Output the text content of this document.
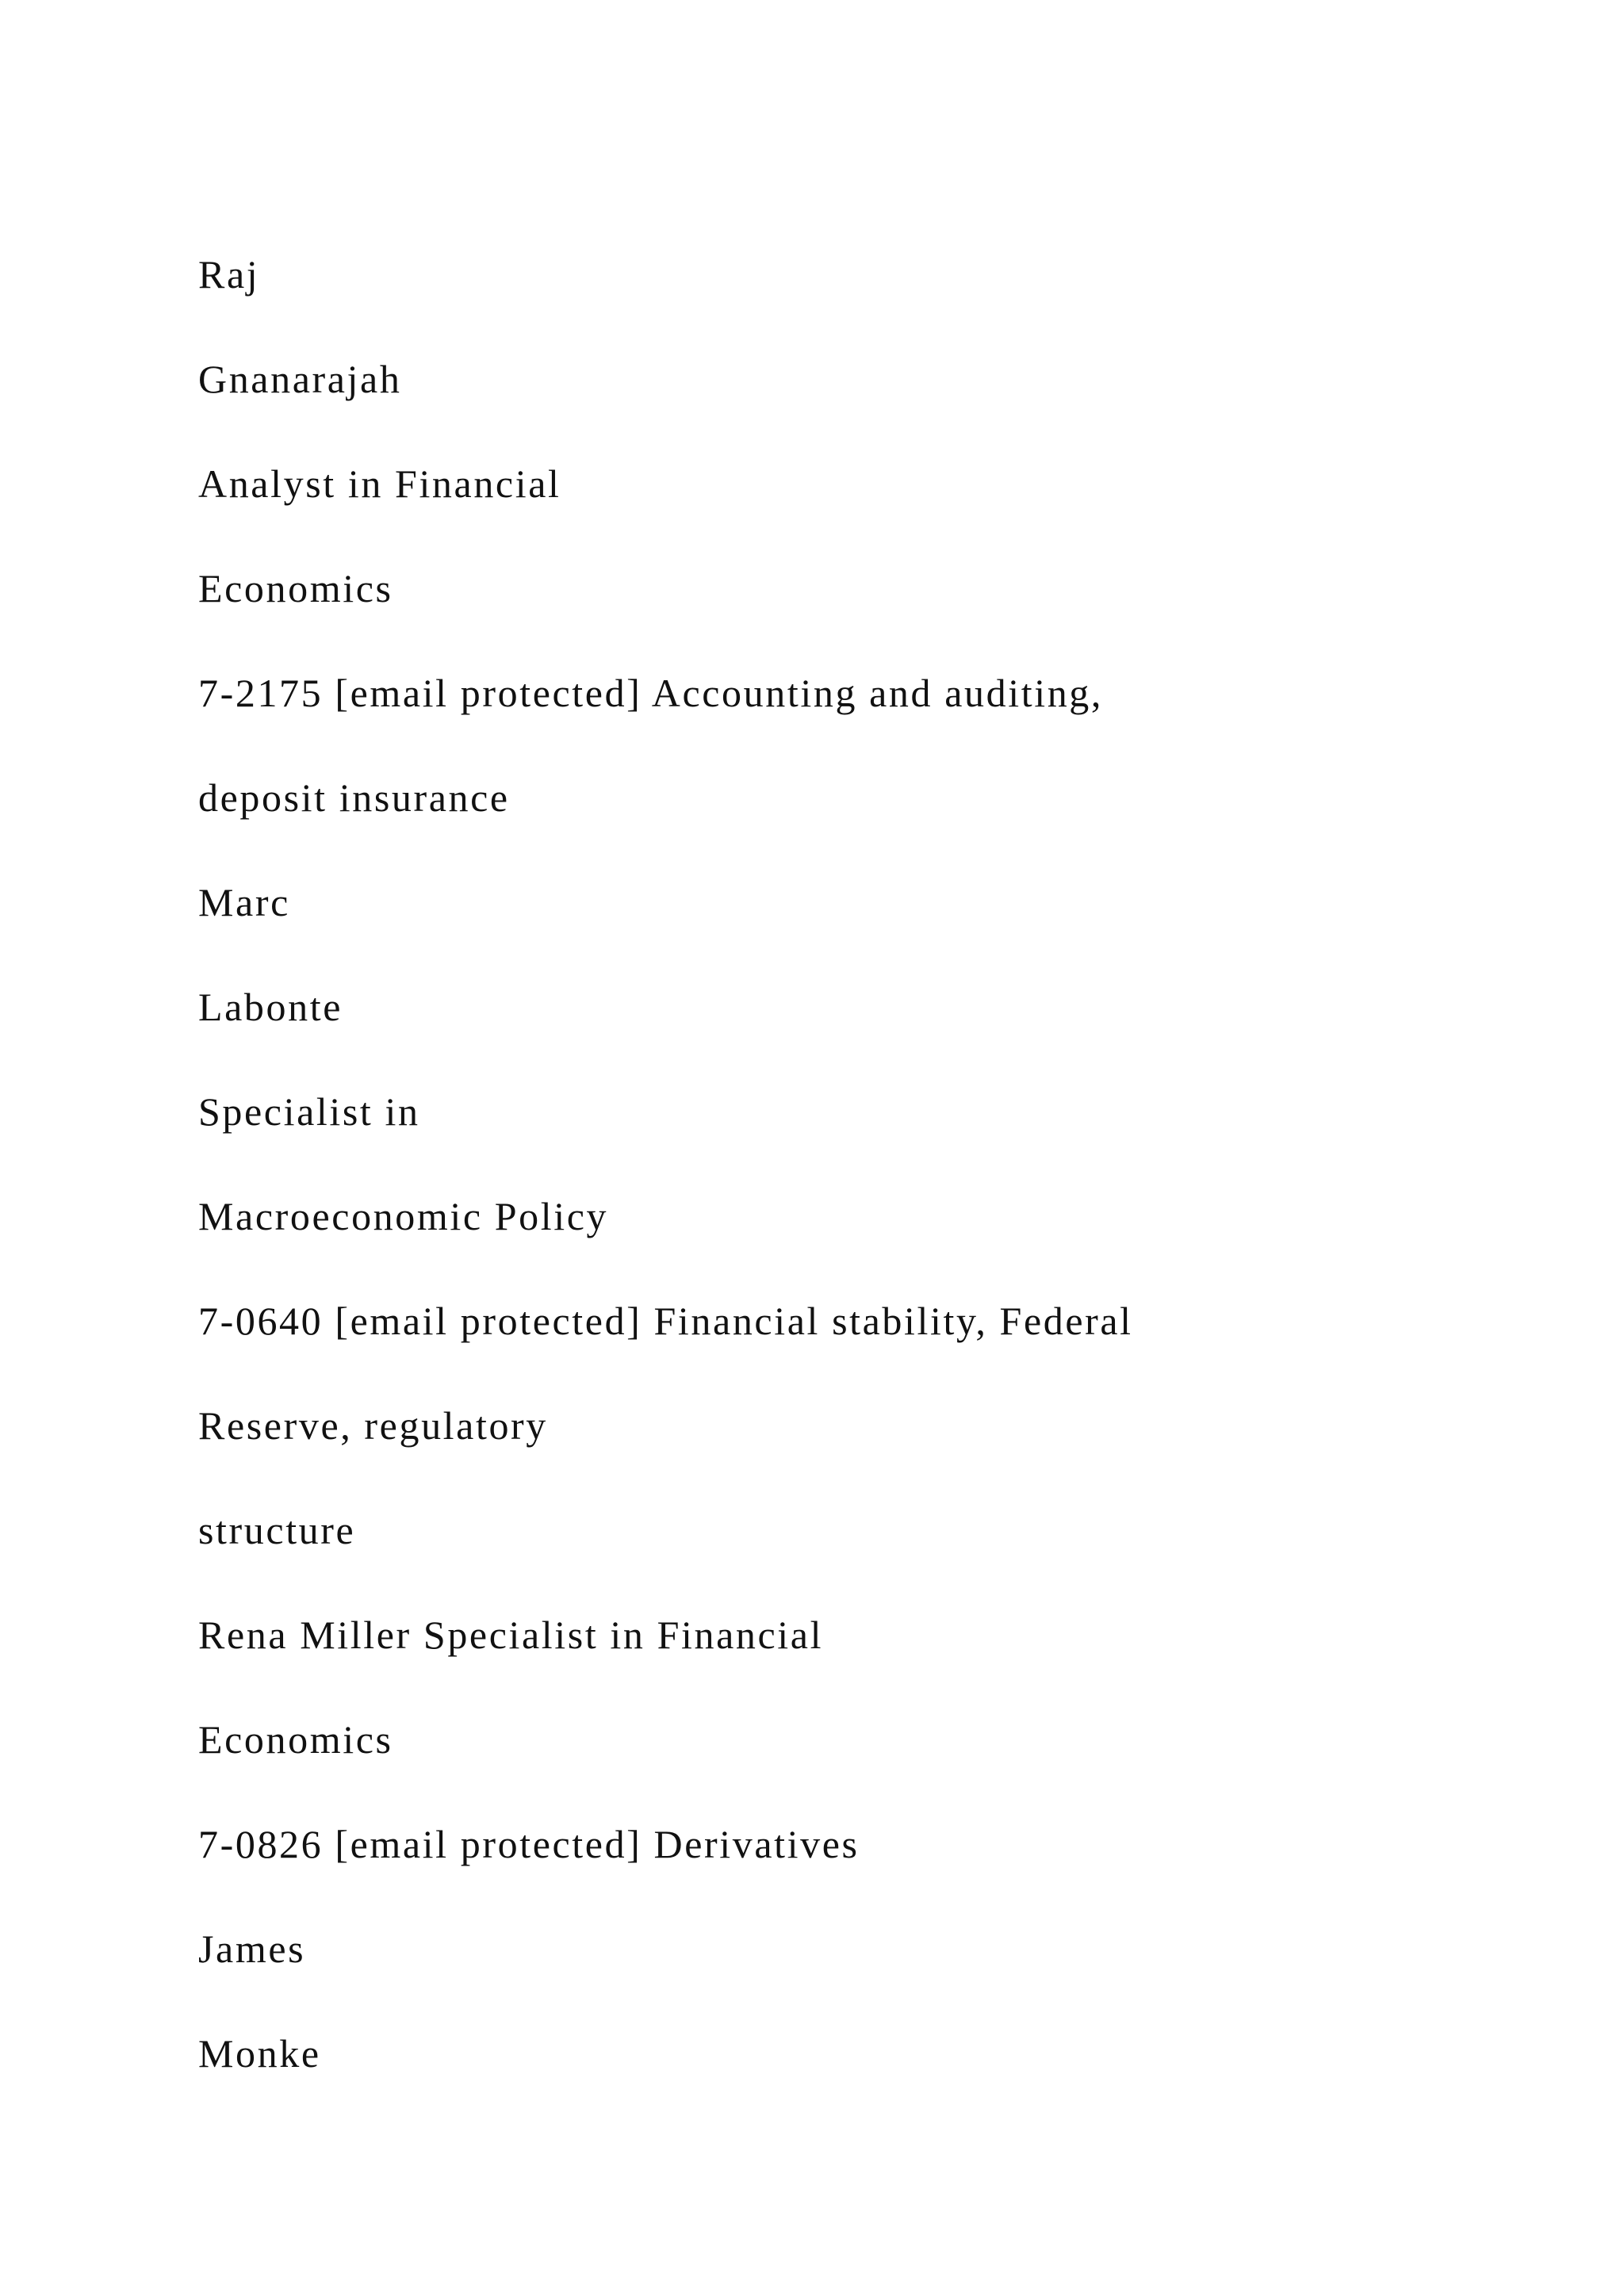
Raj
Gnanarajah
Analyst in Financial
Economics
7-2175 [email protected] Accounting and auditing,
deposit insurance
Marc
Labonte
Specialist in
Macroeconomic Policy
7-0640 [email protected] Financial stability, Federal
Reserve, regulatory
structure
Rena Miller Specialist in Financial
Economics
7-0826 [email protected] Derivatives
James
Monke
